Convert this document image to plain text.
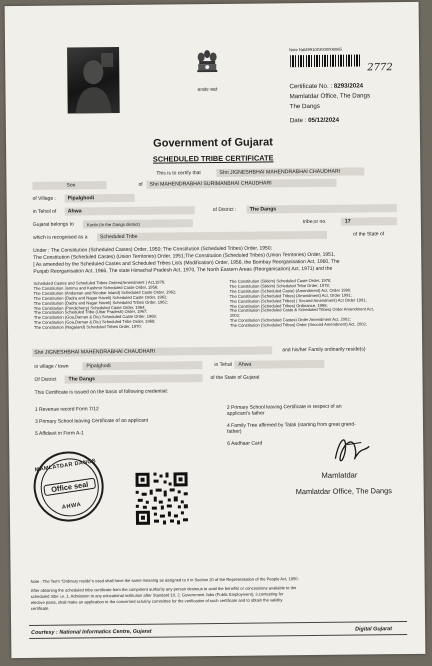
सत्यमेव जयते
Note No.:
24991003000008065
2772
Certificate No. : 8293/2024
Mamlatdar Office, The Dangs
The Dangs
Date : 05/12/2024
Government of Gujarat
SCHEDULED TRIBE CERTIFICATE
This is to certify that	Shri JIGNESHBHAI MAHENDRABHAI CHAUDHARI
Son	of Shri MAHENDRABHAI SURIMANBHAI CHAUDHARI
of Village : Pipalghodi
in Tehsil of Ahwa	of District :	The Dangs
Gujarat belongs to	Kunbi (In the Dangs district)	tribe;sr no.	17
which is recognised as a Scheduled Tribe	of the State of
Under : The Constitution (Scheduled Castes) Order, 1950; The Constitution (Scheduled Tribes) Order, 1950;
The Constitution (Scheduled Castes) (Union Territories) Order, 1951;The Constitution (Scheduled Tribes) (Union Territories) Order, 1951,
[ As amended by the Scheduled Castes and Scheduled Tribes Lists (Modification) Order, 1956, the Bombay Reorganisation Act, 1960, The
Punjab Reorganisation Act, 1966, The state Himachal Pradesh Act, 1970, The North Eastern Areas (Reorganisation) Act, 1971) and the
Scheduled Castes and Scheduled Tribes Orders(Amendment ) Act,1976;
The Constitution Jammu and Kashmir Scheduled Caste Order, 1956;
The Constitution (Andaman and Nicobar Island) Scheduled Caste Order, 1962;
The Constitution (Dadra and Nagar Haveli) Scheduled Caste Order, 1962;
The Constitution (Dadra and Nagar Haveli) Scheduled Tribes Order, 1962;
The Constitution (Pondicherry) Scheduled Caste Order, 1964;
The Constitution Scheduled Tribe (Uttar Pradesh) Order, 1967;
The Constitution (Goa,Daman & Diu) Scheduled Caste Order, 1968;
The Constitution (Goa,Daman & Diu) Scheduled Tribe Order, 1968;
The Constitution (Nagaland) Scheduled Tribes Order, 1970;
The Constitution (Sikkim) Scheduled Caste Order, 1978;
The Constitution (Sikkim) Scheduled Tribe Order, 1978;
The Constitution (Scheduled Caste) (Amendment) Act, Order 1990;
The Constitution (Scheduled Tribes) (Amendment) Act, Order 1991;
The Constitution (Scheduled Tribes) ( Second Amendment) Act Order 1991;
The Constitution (Scheduled Tribes) Ordinance, 1996;
The Constitution (Scheduled Caste & Scheduled Tribes) Order Amendment Act,
2002;
The Constitution (Scheduled Castes) Order Amendment Act, 2002;
The Constitution (Scheduled Tribes) Order (Second Amendment) Act, 2002;
Shri JIGNESHBHAI MAHENDRABHAI CHAUDHARI	and his/her Family ordinarily reside(s)
in village / town	Pipalghodi	in Tehsil Ahwa
Of District The Dangs	of the State of Gujarat
This Certificate is issued on the basis of following credential:
1 Revenue record Form 7/12
3 Primary School leaving Certificate of an applicant
5 Affidavit in Form A-1
2 Primary School leaving Certificate in respect of an
applicant's father
4 Family Tree affirmed by Talati (starting from great grand-
father)
6 Aadhaar Card
Mamlatdar
Mamlatdar Office, The Dangs
MAMLATDAR DANGS
Office seal
AHWA
Note : The Term "Ordinary reside"s used shall have the same meaning as assigned to it in Section 20 of the Representation of the People Act, 1950.
After obtaining the scheduled tribe certificate from the competent authority any person desirous to avail the benefits or concessions available to the
scheduled tribe i.e. 1. Admission to any educational institution after Standard 10, 2. Government Jobs (Public Employment), 3.contesting for
elective posts, shall make an application to the concerned scrutiny committee for the verification of such certificate and to obtain the validity
certificate.
Courtesy : National Informatics Centre, Gujarat	Digital Gujarat
